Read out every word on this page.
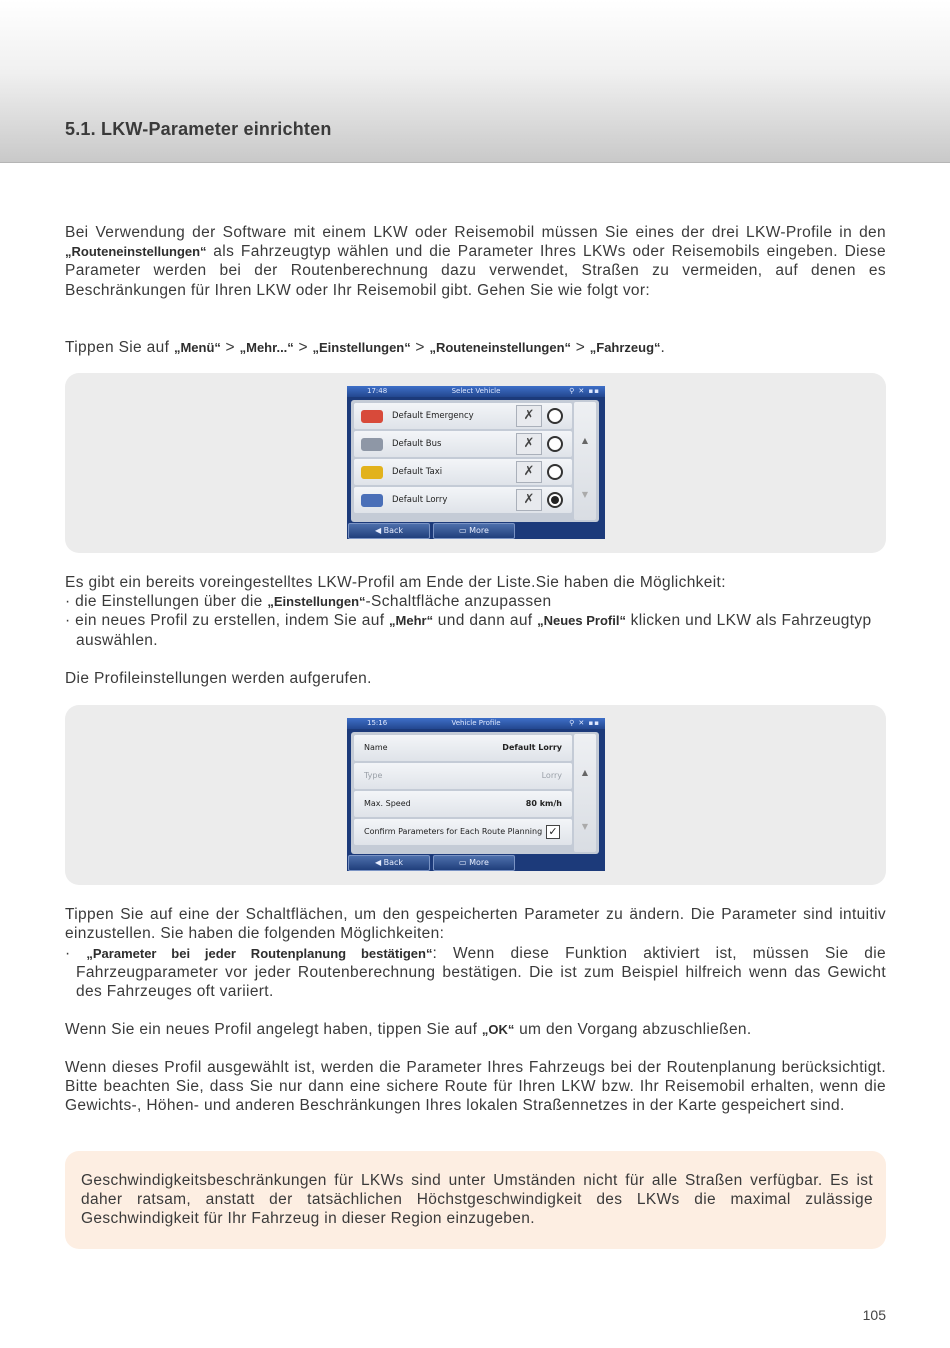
5.1. LKW-Parameter einrichten
Bei Verwendung der Software mit einem LKW oder Reisemobil müssen Sie eines der drei LKW-Profile in den „Routeneinstellungen“ als Fahrzeugtyp wählen und die Parameter Ihres LKWs oder Reisemobils eingeben. Diese Parameter werden bei der Routenberechnung dazu verwendet, Straßen zu vermeiden, auf denen es Beschränkungen für Ihren LKW oder Ihr Reisemobil gibt. Gehen Sie wie folgt vor:
Tippen Sie auf „Menü“ > „Mehr...“ > „Einstellungen“ > „Routeneinstellungen“ > „Fahrzeug“.
17:48	Select Vehicle	⚲ ✕ ▪▪
Default Emergency	✗
Default Bus	✗
Default Taxi	✗
Default Lorry	✗
▲
▼
◀ Back	▭ More
Es gibt ein bereits voreingestelltes LKW-Profil am Ende der Liste.Sie haben die Möglichkeit:
· die Einstellungen über die „Einstellungen“-Schaltfläche anzupassen
· ein neues Profil zu erstellen, indem Sie auf „Mehr“ und dann auf „Neues Profil“ klicken und LKW als Fahrzeugtyp auswählen.
Die Profileinstellungen werden aufgerufen.
15:16	Vehicle Profile	⚲ ✕ ▪▪
Name	Default Lorry
Type	Lorry
Max. Speed	80 km/h
Confirm Parameters for Each Route Planning ✓
▲
▼
◀ Back	▭ More
Tippen Sie auf eine der Schaltflächen, um den gespeicherten Parameter zu ändern. Die Parameter sind intuitiv einzustellen. Sie haben die folgenden Möglichkeiten:
· „Parameter bei jeder Routenplanung bestätigen“: Wenn diese Funktion aktiviert ist, müssen Sie die Fahrzeugparameter vor jeder Routenberechnung bestätigen. Die ist zum Beispiel hilfreich wenn das Gewicht des Fahrzeuges oft variiert.
Wenn Sie ein neues Profil angelegt haben, tippen Sie auf „OK“ um den Vorgang abzuschließen.
Wenn dieses Profil ausgewählt ist, werden die Parameter Ihres Fahrzeugs bei der Routenplanung berücksichtigt. Bitte beachten Sie, dass Sie nur dann eine sichere Route für Ihren LKW bzw. Ihr Reisemobil erhalten, wenn die Gewichts-, Höhen- und anderen Beschränkungen Ihres lokalen Straßennetzes in der Karte gespeichert sind.
Geschwindigkeitsbeschränkungen für LKWs sind unter Umständen nicht für alle Straßen verfügbar. Es ist daher ratsam, anstatt der tatsächlichen Höchstgeschwindigkeit des LKWs die maximal zulässige Geschwindigkeit für Ihr Fahrzeug in dieser Region einzugeben.
105
